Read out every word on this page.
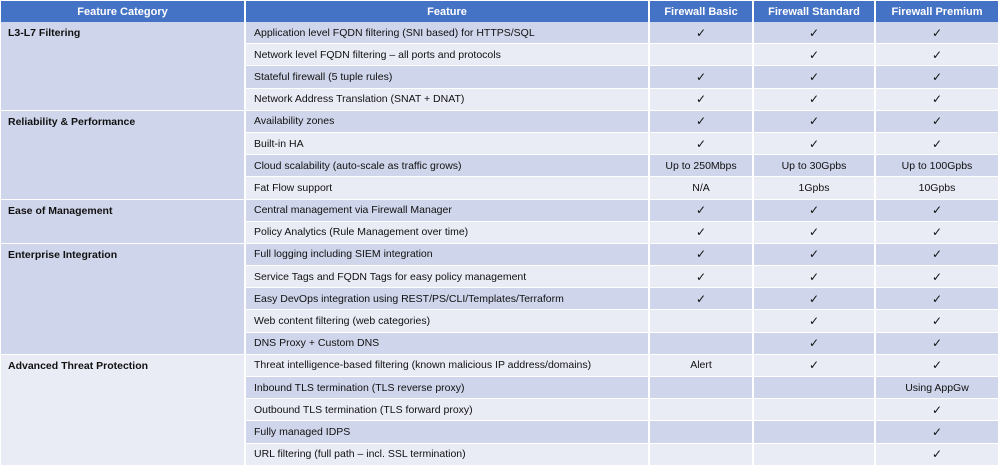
Feature Category	Feature	Firewall Basic	Firewall Standard	Firewall Premium

L3-L7 Filtering	Application level FQDN filtering (SNI based) for HTTPS/SQL	✓	✓	✓
	Network level FQDN filtering – all ports and protocols		✓	✓
	Stateful firewall (5 tuple rules)	✓	✓	✓
	Network Address Translation (SNAT + DNAT)	✓	✓	✓

Reliability & Performance	Availability zones	✓	✓	✓
	Built-in HA	✓	✓	✓
	Cloud scalability (auto-scale as traffic grows)	Up to 250Mbps	Up to 30Gpbs	Up to 100Gpbs
	Fat Flow support	N/A	1Gpbs	10Gpbs

Ease of Management	Central management via Firewall Manager	✓	✓	✓
	Policy Analytics (Rule Management over time)	✓	✓	✓

Enterprise Integration	Full logging including SIEM integration	✓	✓	✓
	Service Tags and FQDN Tags for easy policy management	✓	✓	✓
	Easy DevOps integration using REST/PS/CLI/Templates/Terraform	✓	✓	✓
	Web content filtering (web categories)		✓	✓
	DNS Proxy + Custom DNS		✓	✓

Advanced Threat Protection	Threat intelligence-based filtering (known malicious IP address/domains)	Alert	✓	✓
	Inbound TLS termination (TLS reverse proxy)			Using AppGw
	Outbound TLS termination (TLS forward proxy)			✓
	Fully managed IDPS			✓
	URL filtering (full path – incl. SSL termination)			✓
